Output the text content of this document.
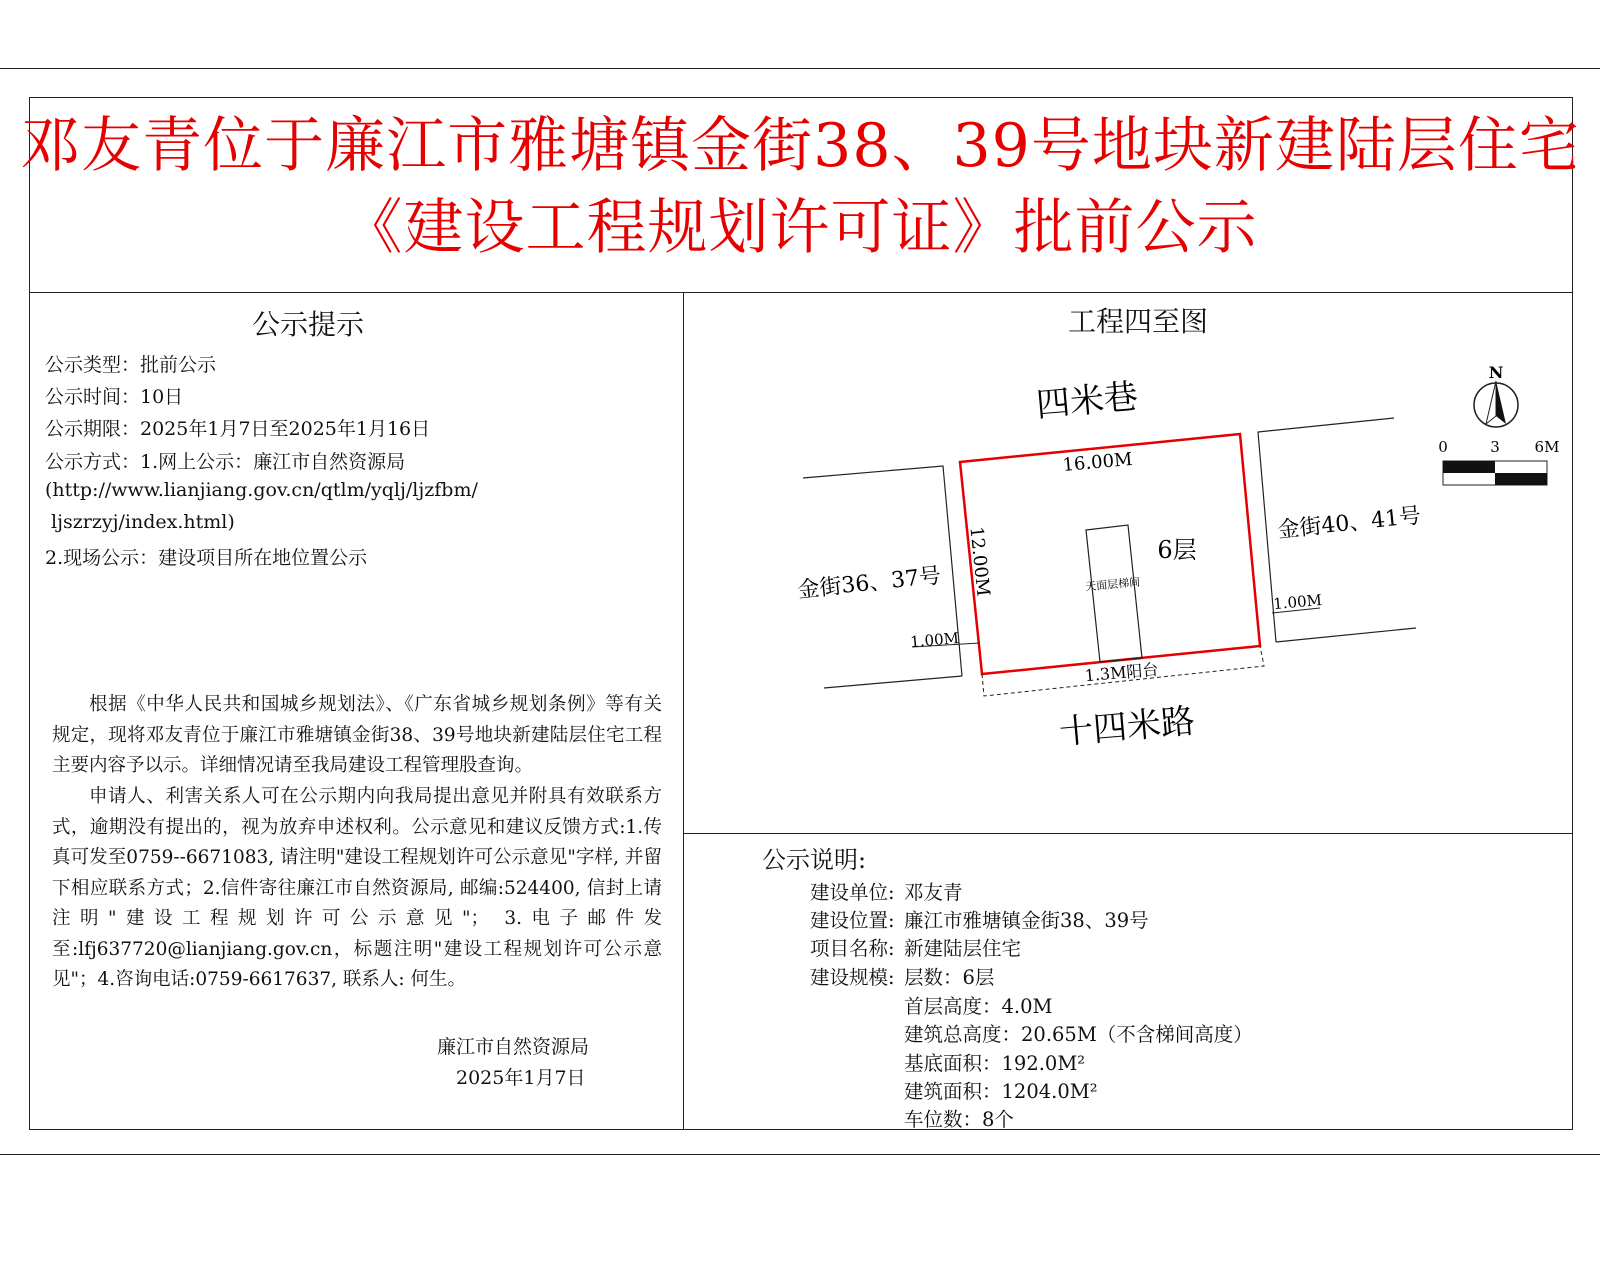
邓友青位于廉江市雅塘镇金街38、39号地块新建陆层住宅
《建设工程规划许可证》批前公示
公示提示
公示类型：批前公示
公示时间：10日
公示期限：2025年1月7日至2025年1月16日
公示方式：1.网上公示：廉江市自然资源局
(http://www.lianjiang.gov.cn/qtlm/yqlj/ljzfbm/
ljszrzyj/index.html)
2.现场公示：建设项目所在地位置公示

根据《中华人民共和国城乡规划法》、《广东省城乡规划条例》等有关规定，现将邓友青位于廉江市雅塘镇金街38、39号地块新建陆层住宅工程主要内容予以示。详细情况请至我局建设工程管理股查询。

申请人、利害关系人可在公示期内向我局提出意见并附具有效联系方式，逾期没有提出的，视为放弃申述权利。公示意见和建议反馈方式:1.传真可发至0759--6671083, 请注明"建设工程规划许可公示意见"字样, 并留下相应联系方式；2.信件寄往廉江市自然资源局, 邮编:524400, 信封上请注明"建设工程规划许可公示意见"； 3.电子邮件发至:lfj637720@lianjiang.gov.cn，标题注明"建设工程规划许可公示意见"；4.咨询电话:0759-6617637, 联系人: 何生。

廉江市自然资源局
2025年1月7日
工程四至图
四米巷
十四米路
金街36、37号
金街40、41号
16.00M
12.00M
1.00M
1.00M
1.3M阳台
6层
天面层梯间
N
0	3 6M
公示说明:
建设单位: 邓友青
建设位置: 廉江市雅塘镇金街38、39号
项目名称: 新建陆层住宅
建设规模: 层数：6层
首层高度：4.0M
建筑总高度：20.65M（不含梯间高度）
基底面积：192.0M²
建筑面积：1204.0M²
车位数：8个
